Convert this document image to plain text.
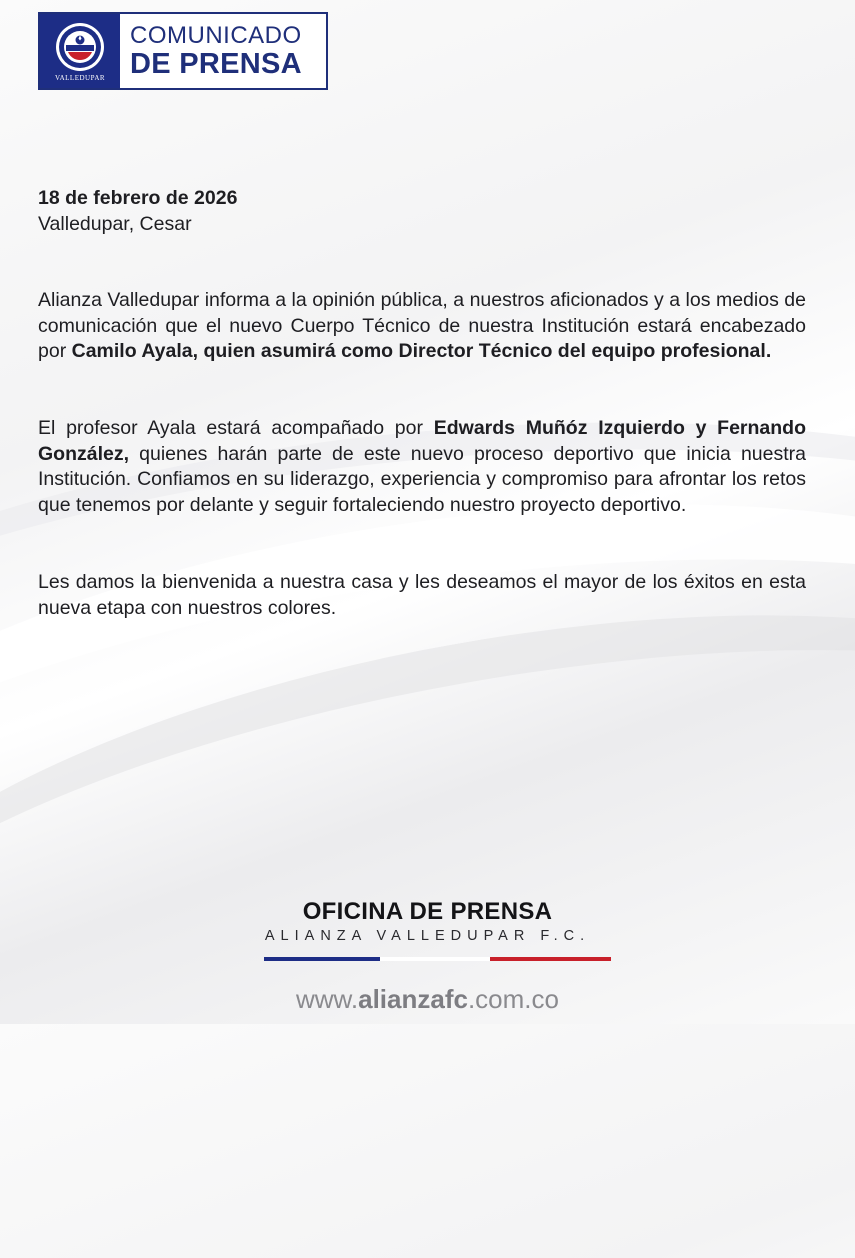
VALLEDUPAR
COMUNICADO
DE PRENSA
18 de febrero de 2026
Valledupar, Cesar
Alianza Valledupar informa a la opinión pública, a nuestros aficionados y a los medios de comunicación que el nuevo Cuerpo Técnico de nuestra Institución estará encabezado por Camilo Ayala, quien asumirá como Director Técnico del equipo profesional.
El profesor Ayala estará acompañado por Edwards Muñóz Izquierdo y Fernando González, quienes harán parte de este nuevo proceso deportivo que inicia nuestra Institución. Confiamos en su liderazgo, experiencia y compromiso para afrontar los retos que tenemos por delante y seguir fortaleciendo nuestro proyecto deportivo.
Les damos la bienvenida a nuestra casa y les deseamos el mayor de los éxitos en esta nueva etapa con nuestros colores.
OFICINA DE PRENSA
ALIANZA VALLEDUPAR F.C.
www.alianzafc.com.co
